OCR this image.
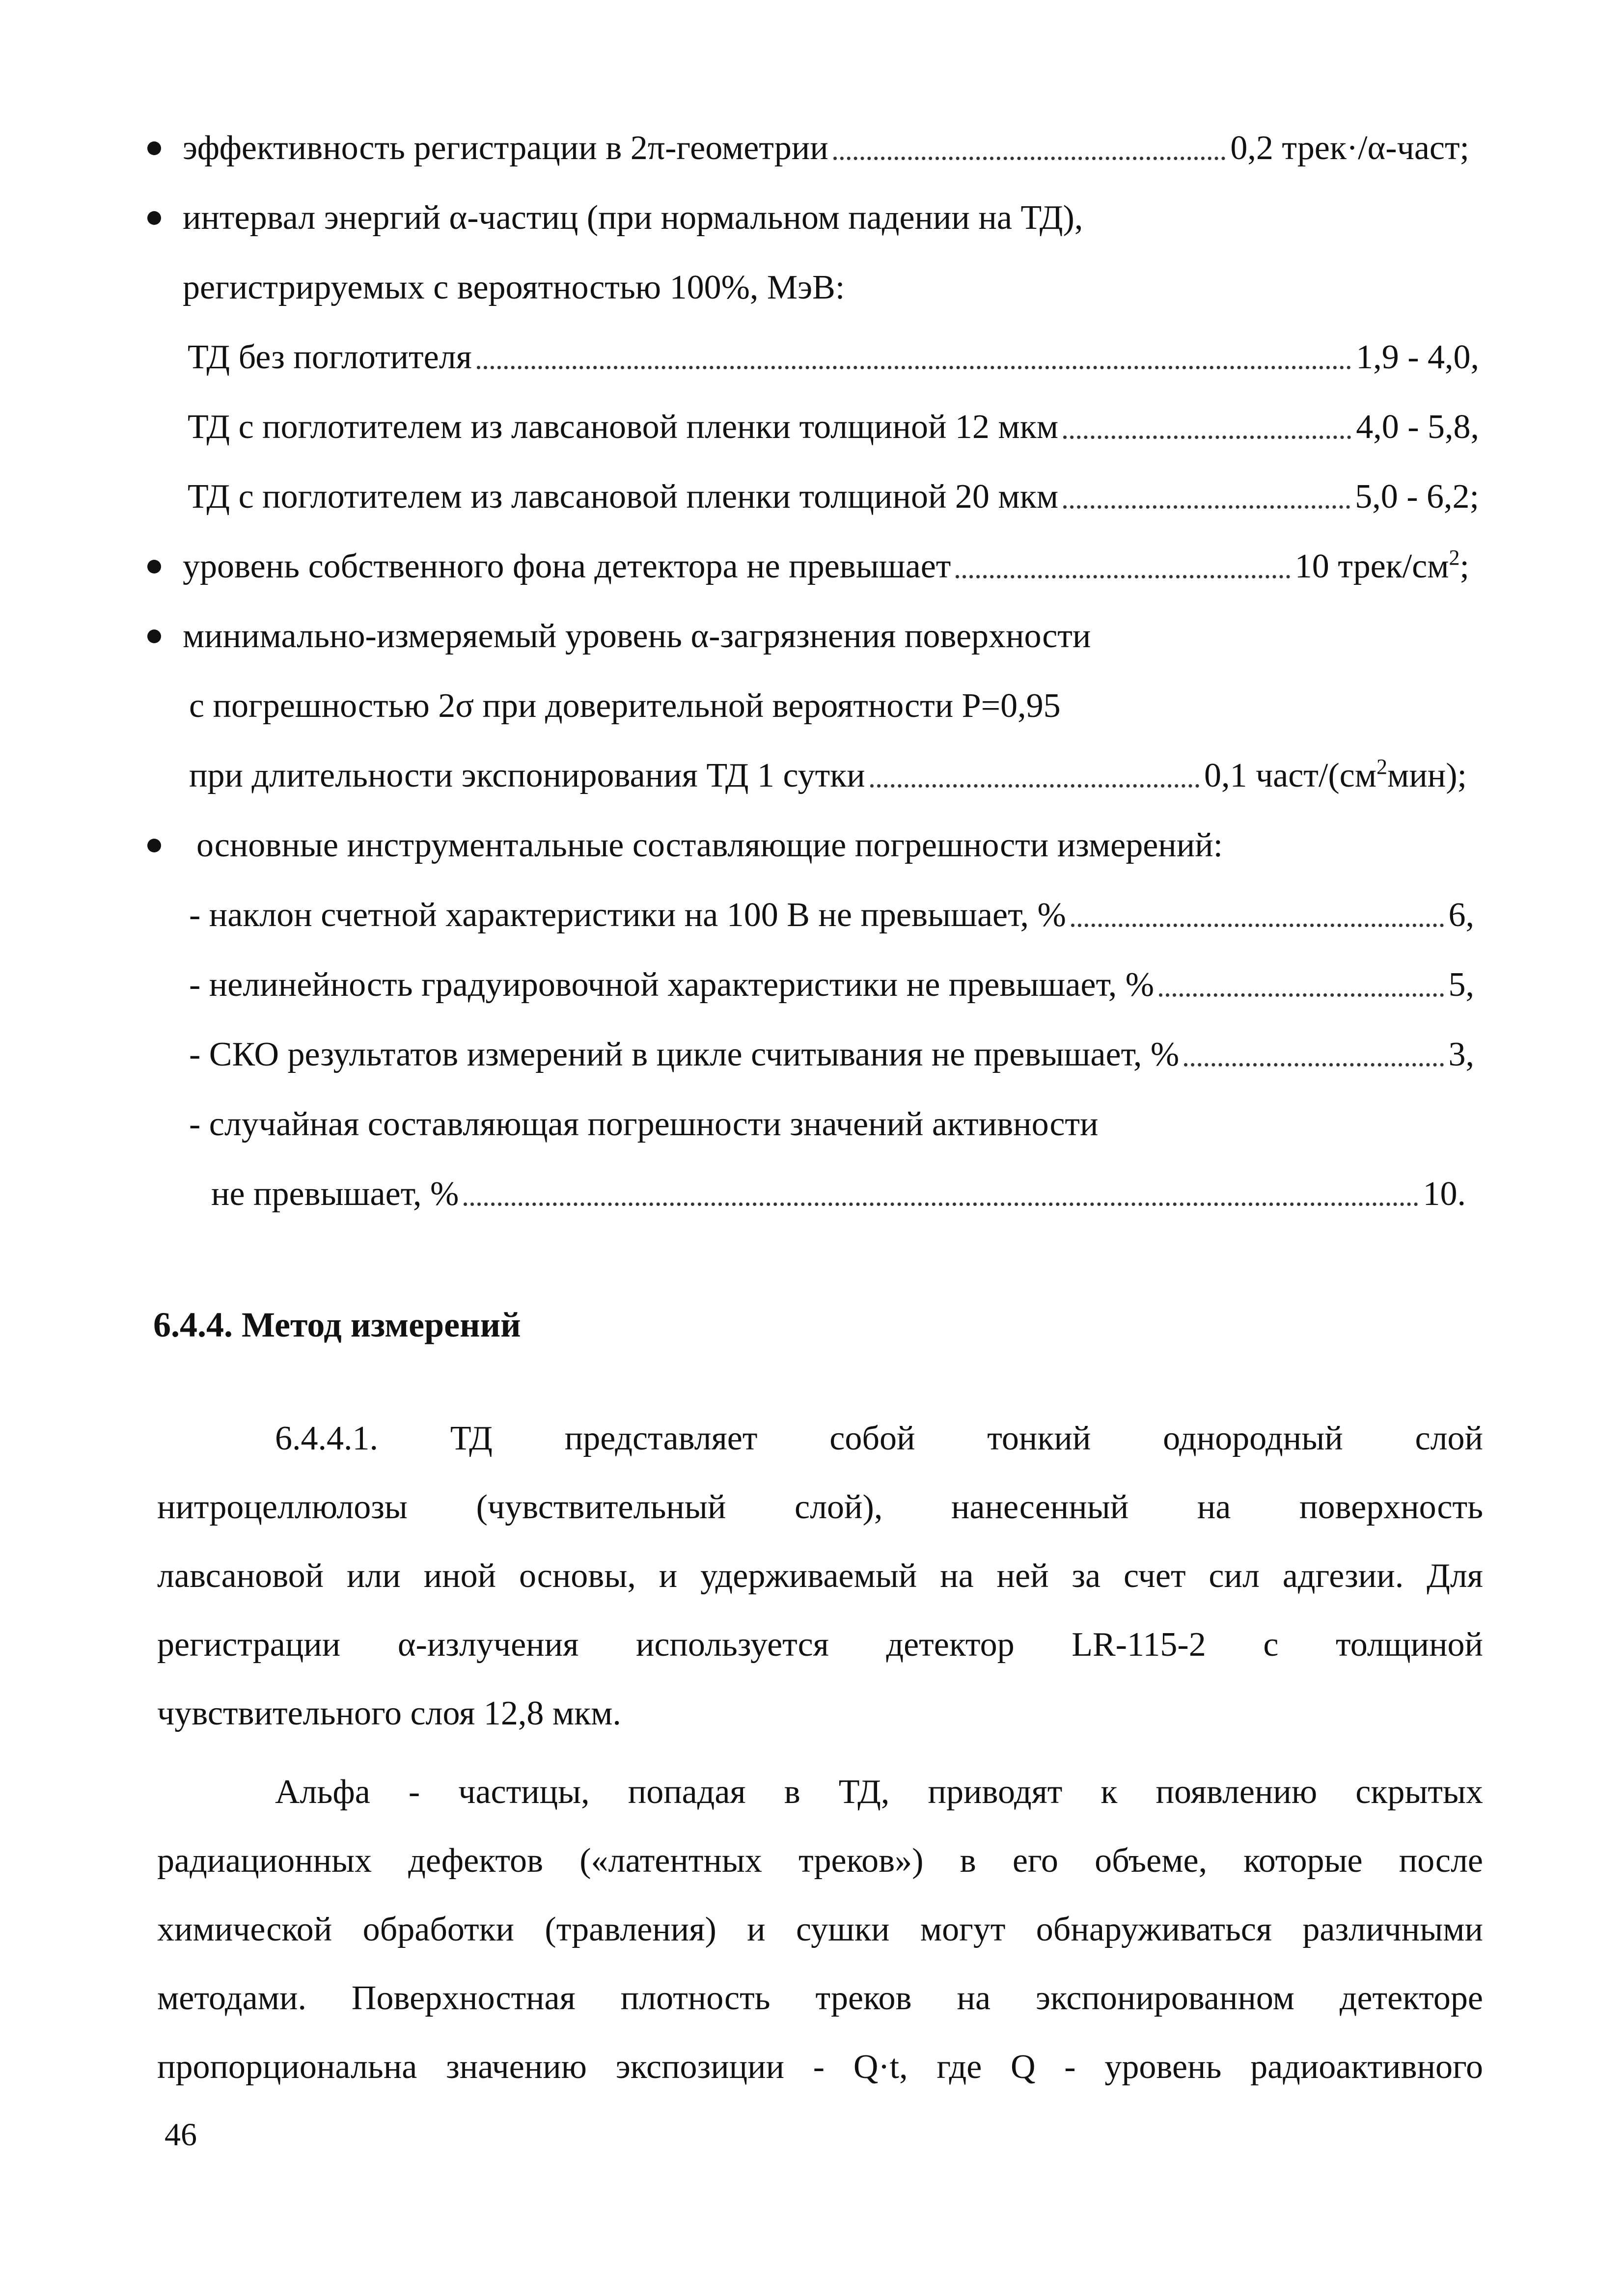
эффективность регистрации в 2π-геометрии	0,2 трек·/α-част;
интервал энергий α-частиц (при нормальном падении на ТД),
регистрируемых с вероятностью 100%, МэВ:
ТД без поглотителя	1,9 - 4,0,
ТД с поглотителем из лавсановой пленки толщиной 12 мкм	4,0 - 5,8,
ТД с поглотителем из лавсановой пленки толщиной 20 мкм	5,0 - 6,2;
уровень собственного фона детектора не превышает	10 трек/$см^2$;
минимально-измеряемый уровень α-загрязнения поверхности
с погрешностью 2σ при доверительной вероятности P=0,95
при длительности экспонирования ТД 1 сутки	0,1 част/$(см^2мин)$;
основные инструментальные составляющие погрешности измерений:
- наклон счетной характеристики на 100 В не превышает, %	6,
- нелинейность градуировочной характеристики не превышает, %	5,
- СКО результатов измерений в цикле считывания не превышает, %	3,
- случайная составляющая погрешности значений активности
не превышает, %	10.
6.4.4. Метод измерений
6.4.4.1. ТД представляет собой тонкий однородный слой
нитроцеллюлозы (чувствительный слой), нанесенный на поверхность
лавсановой или иной основы, и удерживаемый на ней за счет сил адгезии. Для
регистрации α-излучения используется детектор LR-115-2 с толщиной
чувствительного слоя 12,8 мкм.
Альфа - частицы, попадая в ТД, приводят к появлению скрытых
радиационных дефектов («латентных треков») в его объеме, которые после
химической обработки (травления) и сушки могут обнаруживаться различными
методами. Поверхностная плотность треков на экспонированном детекторе
пропорциональна значению экспозиции - Q·t, где Q - уровень радиоактивного
46
